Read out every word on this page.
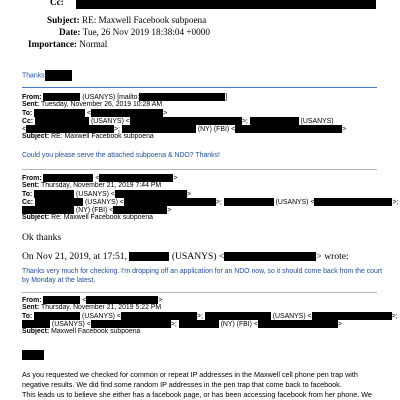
Cc:
Subject: RE: Maxwell Facebook subpoena
Date: Tue, 26 Nov 2019 18:38:04 +0000
Importance: Normal
Thanks
From:	(USANYS) [mailto:	]
Sent: Tuesday, November 26, 2019 10:28 AM
To:	<	>
Cc:	(USANYS) <	>;	(USANYS)
<	>;	(NY) (FBI) <	>
Subject: RE: Maxwell Facebook subpoena
Could you please serve the attached subpoena & NDO? Thanks!
From:	<	>
Sent: Thursday, November 21, 2019 7:44 PM
To:	(USANYS) <	>
Cc:	(USANYS) <	>;	(USANYS) <	>;
(NY) (FBI) <	>
Subject: Re: Maxwell Facebook subpoena
Ok thanks
On Nov 21, 2019, at 17:51,	(USANYS) <	> wrote:
Thanks very much for checking. I'm dropping off an application for an NDO now, so it should come back from the court
by Monday at the latest.
From:	<	>
Sent: Thursday, November 21, 2019 5:22 PM
To:	(USANYS) <	>;	(USANYS) <	>;
(USANYS) <	>;	(NY) (FBI) <	>
Subject: Maxwell Facebook subpoena
As you requested we checked for common or repeat IP addresses in the Maxwell cell phone pen trap with
negative results. We did find some random IP addresses in the pen trap that come back to facebook.
This leads us to believe she either has a facebook page, or has been accessing facebook from her phone. We
